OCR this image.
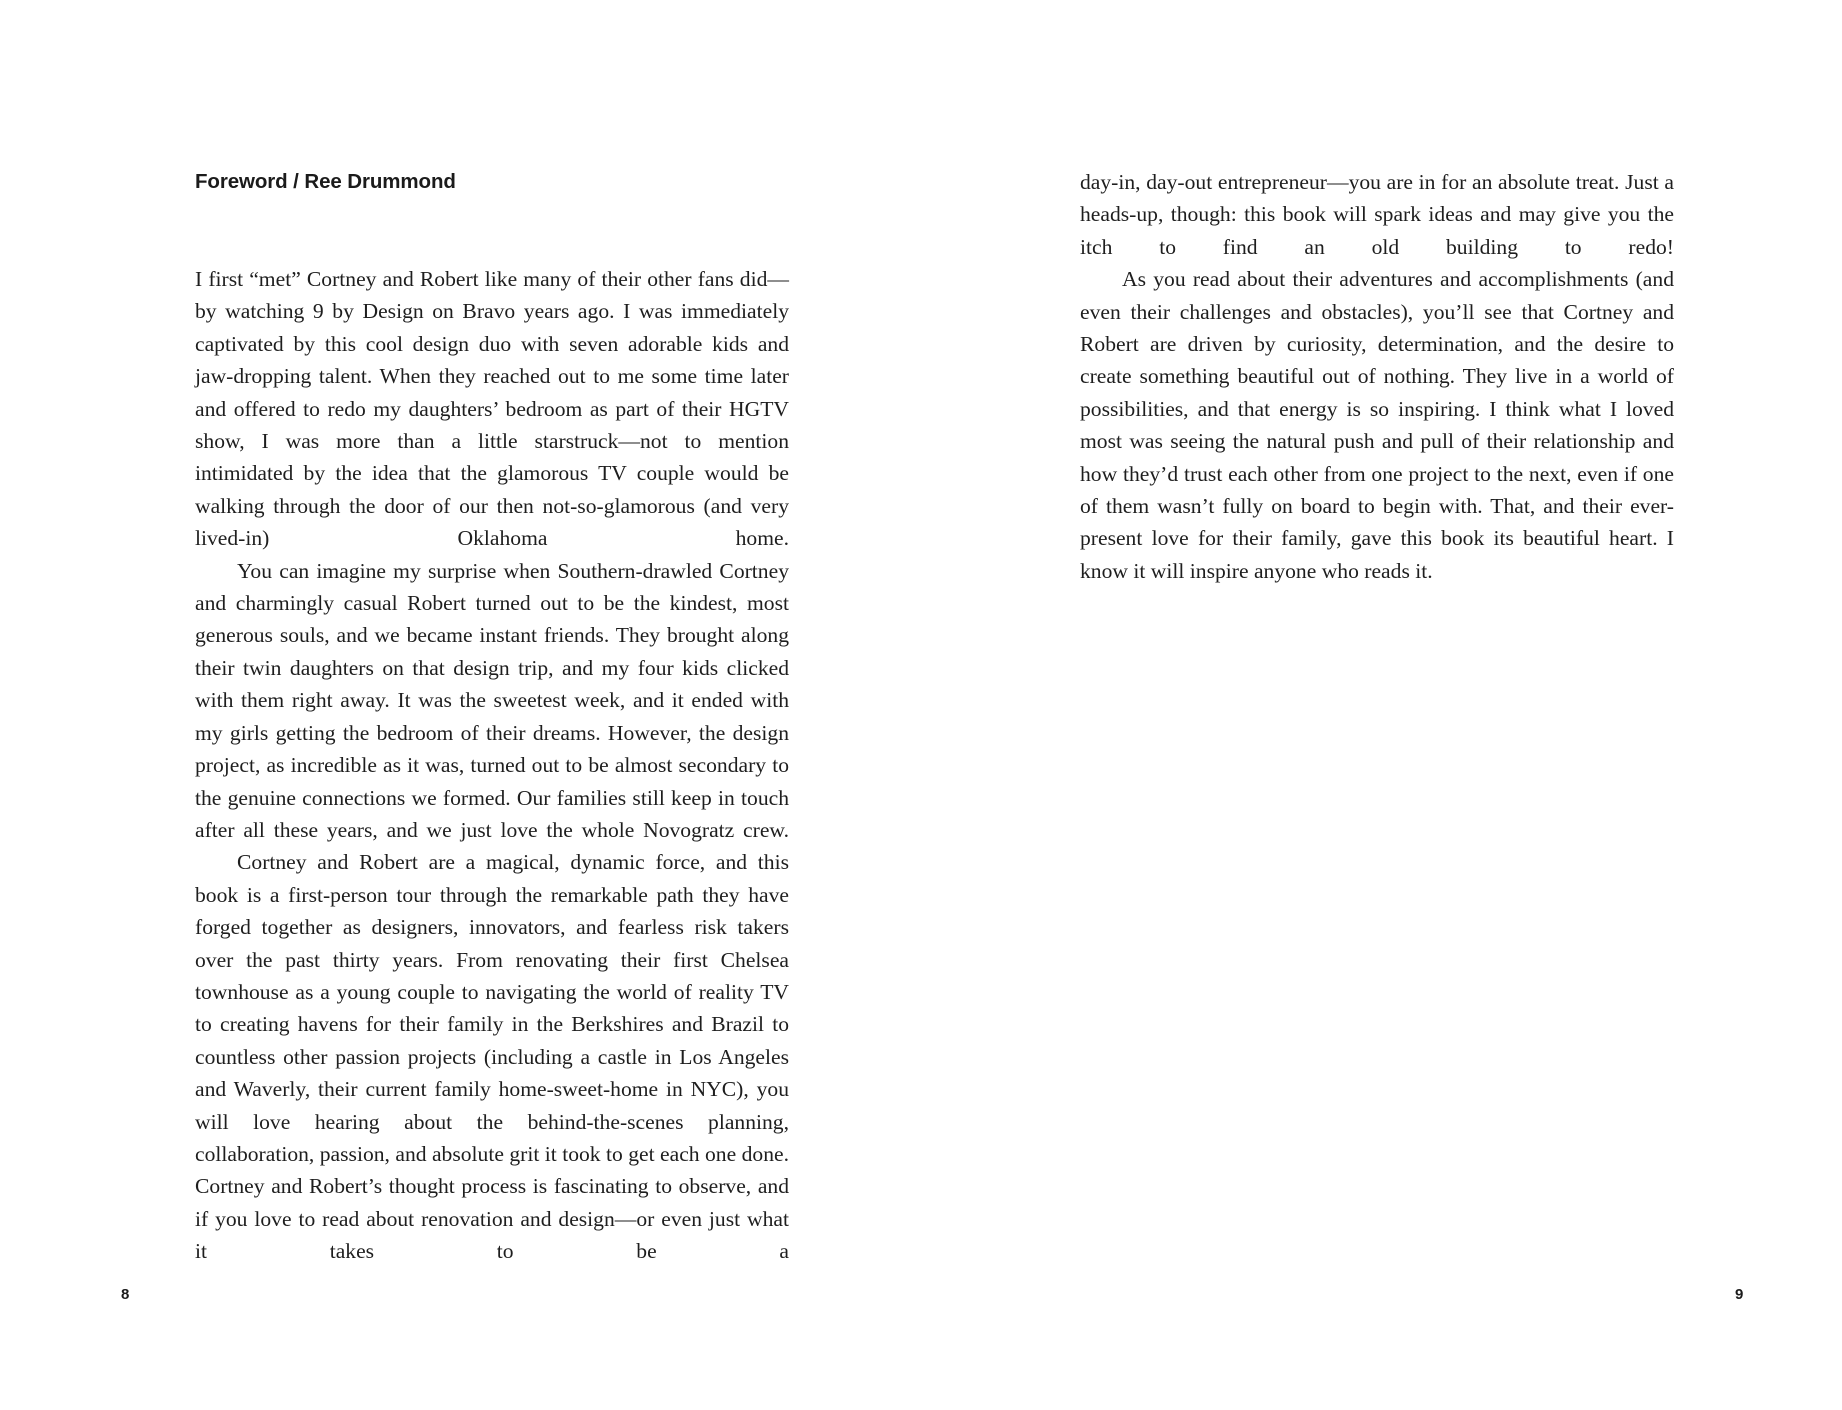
Foreword / Ree Drummond

I first “met” Cortney and Robert like many of their other fans did—by watching 9 by Design on Bravo years ago. I was immediately captivated by this cool design duo with seven adorable kids and jaw-dropping talent. When they reached out to me some time later and offered to redo my daughters’ bedroom as part of their HGTV show, I was more than a little starstruck—not to mention intimidated by the idea that the glamorous TV couple would be walking through the door of our then not-so-glamorous (and very lived-in) Oklahoma home.

You can imagine my surprise when Southern-drawled Cortney and charmingly casual Robert turned out to be the kindest, most generous souls, and we became instant friends. They brought along their twin daughters on that design trip, and my four kids clicked with them right away. It was the sweetest week, and it ended with my girls getting the bedroom of their dreams. However, the design project, as incredible as it was, turned out to be almost secondary to the genuine connections we formed. Our families still keep in touch after all these years, and we just love the whole Novogratz crew.

Cortney and Robert are a magical, dynamic force, and this book is a first-person tour through the remarkable path they have forged together as designers, innovators, and fearless risk takers over the past thirty years. From renovating their first Chelsea townhouse as a young couple to navigating the world of reality TV to creating havens for their family in the Berkshires and Brazil to countless other passion projects (including a castle in Los Angeles and Waverly, their current family home-sweet-home in NYC), you will love hearing about the behind-the-scenes planning, collaboration, passion, and absolute grit it took to get each one done. Cortney and Robert’s thought process is fascinating to observe, and if you love to read about renovation and design—or even just what it takes to be a

8

day-in, day-out entrepreneur—you are in for an absolute treat. Just a heads-up, though: this book will spark ideas and may give you the itch to find an old building to redo!

As you read about their adventures and accomplishments (and even their challenges and obstacles), you’ll see that Cortney and Robert are driven by curiosity, determination, and the desire to create something beautiful out of nothing. They live in a world of possibilities, and that energy is so inspiring. I think what I loved most was seeing the natural push and pull of their relationship and how they’d trust each other from one project to the next, even if one of them wasn’t fully on board to begin with. That, and their ever-present love for their family, gave this book its beautiful heart. I know it will inspire anyone who reads it.

9
